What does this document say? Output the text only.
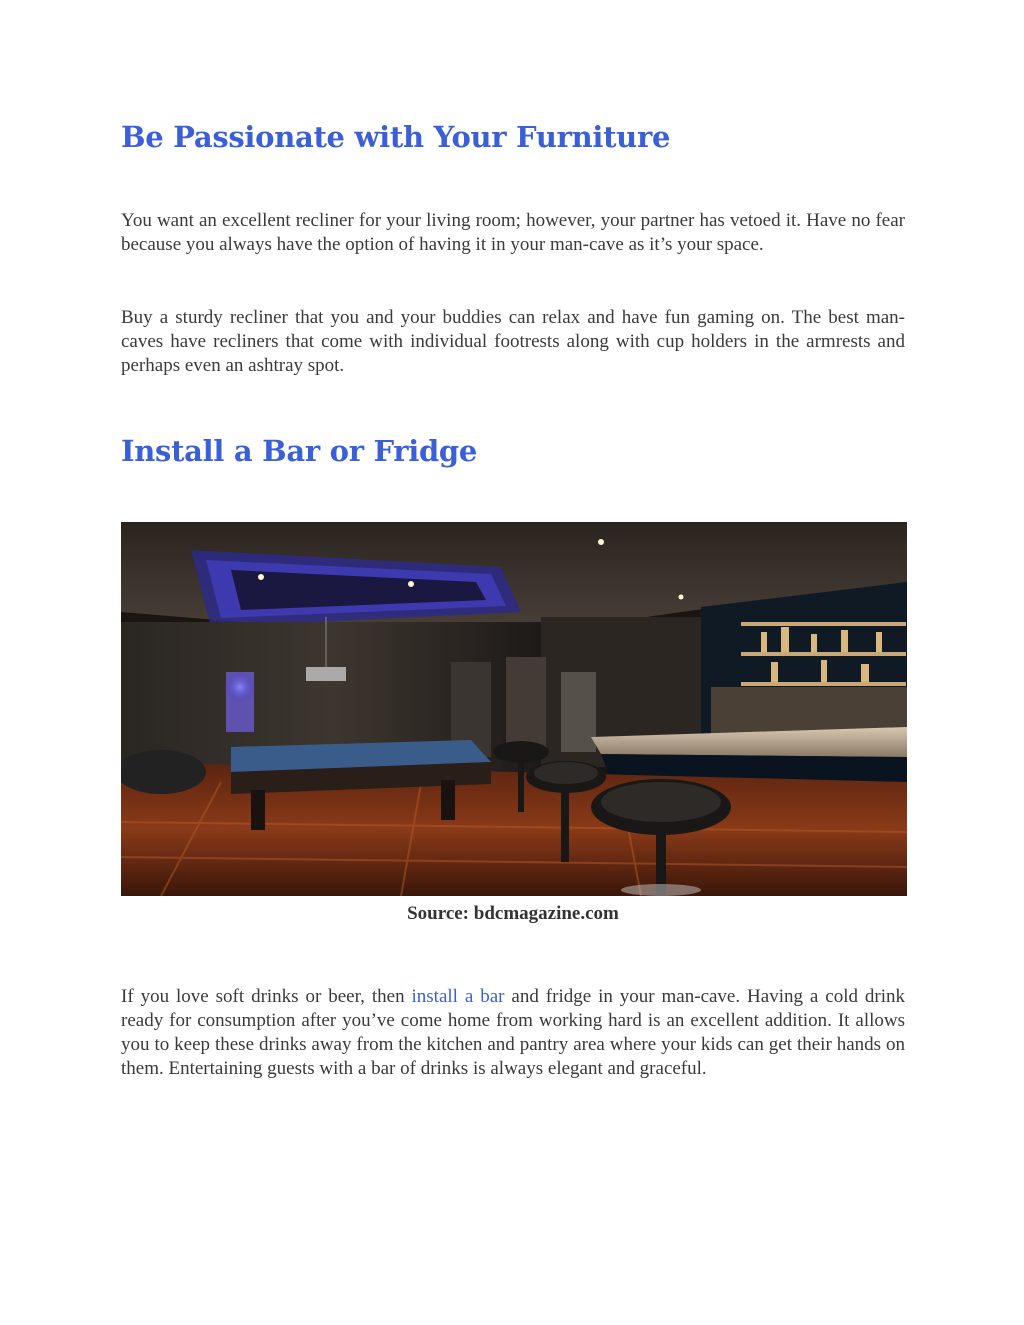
Be Passionate with Your Furniture

You want an excellent recliner for your living room; however, your partner has vetoed it. Have no fear because you always have the option of having it in your man-cave as it’s your space.

Buy a sturdy recliner that you and your buddies can relax and have fun gaming on. The best man-caves have recliners that come with individual footrests along with cup holders in the armrests and perhaps even an ashtray spot.

Install a Bar or Fridge
Source: bdcmagazine.com

If you love soft drinks or beer, then install a bar and fridge in your man-cave. Having a cold drink ready for consumption after you’ve come home from working hard is an excellent addition. It allows you to keep these drinks away from the kitchen and pantry area where your kids can get their hands on them. Entertaining guests with a bar of drinks is always elegant and graceful.
